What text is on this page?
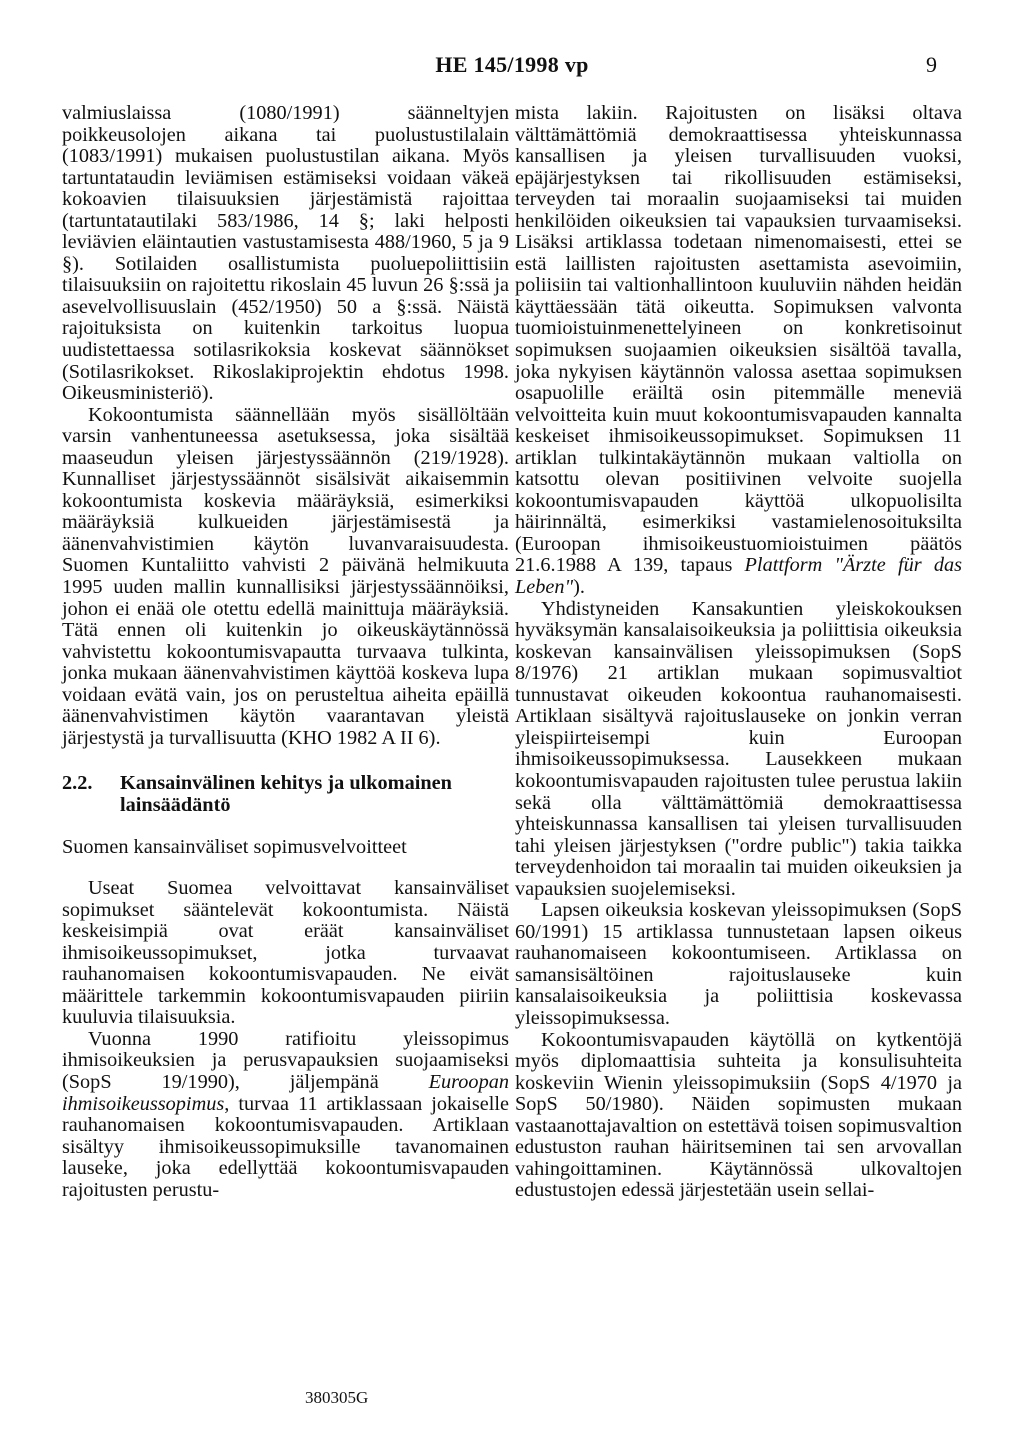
HE 145/1998 vp	9

valmiuslaissa (1080/1991) säänneltyjen poikkeusolojen aikana tai puolustustilalain (1083/1991) mukaisen puolustustilan aikana. Myös tartuntataudin leviämisen estämiseksi voidaan väkeä kokoavien tilaisuuksien järjestämistä rajoittaa (tartuntatautilaki 583/1986, 14 §; laki helposti leviävien eläintautien vastustamisesta 488/1960, 5 ja 9 §). Sotilaiden osallistumista puoluepoliittisiin tilaisuuksiin on rajoitettu rikoslain 45 luvun 26 §:ssä ja asevelvollisuuslain (452/1950) 50 a §:ssä. Näistä rajoituksista on kuitenkin tarkoitus luopua uudistettaessa sotilasrikoksia koskevat säännökset (Sotilasrikokset. Rikoslakiprojektin ehdotus 1998. Oikeusministeriö).

Kokoontumista säännellään myös sisällöltään varsin vanhentuneessa asetuksessa, joka sisältää maaseudun yleisen järjestyssäännön (219/1928). Kunnalliset järjestyssäännöt sisälsivät aikaisemmin kokoontumista koskevia määräyksiä, esimerkiksi määräyksiä kulkueiden järjestämisestä ja äänenvahvistimien käytön luvanvaraisuudesta. Suomen Kuntaliitto vahvisti 2 päivänä helmikuuta 1995 uuden mallin kunnallisiksi järjestyssäännöiksi, johon ei enää ole otettu edellä mainittuja määräyksiä. Tätä ennen oli kuitenkin jo oikeuskäytännössä vahvistettu kokoontumisvapautta turvaava tulkinta, jonka mukaan äänenvahvistimen käyttöä koskeva lupa voidaan evätä vain, jos on perusteltua aiheita epäillä äänenvahvistimen käytön vaarantavan yleistä järjestystä ja turvallisuutta (KHO 1982 A II 6).

2.2.	Kansainvälinen kehitys ja ulkomainen lainsäädäntö
Suomen kansainväliset sopimusvelvoitteet

Useat Suomea velvoittavat kansainväliset sopimukset sääntelevät kokoontumista. Näistä keskeisimpiä ovat eräät kansainväliset ihmisoikeussopimukset, jotka turvaavat rauhanomaisen kokoontumisvapauden. Ne eivät määrittele tarkemmin kokoontumisvapauden piiriin kuuluvia tilaisuuksia.

Vuonna 1990 ratifioitu yleissopimus ihmisoikeuksien ja perusvapauksien suojaamiseksi (SopS 19/1990), jäljempänä Euroopan ihmisoikeussopimus, turvaa 11 artiklassaan jokaiselle rauhanomaisen kokoontumisvapauden. Artiklaan sisältyy ihmisoikeussopimuksille tavanomainen lauseke, joka edellyttää kokoontumisvapauden rajoitusten perustu-

mista lakiin. Rajoitusten on lisäksi oltava välttämättömiä demokraattisessa yhteiskunnassa kansallisen ja yleisen turvallisuuden vuoksi, epäjärjestyksen tai rikollisuuden estämiseksi, terveyden tai moraalin suojaamiseksi tai muiden henkilöiden oikeuksien tai vapauksien turvaamiseksi. Lisäksi artiklassa todetaan nimenomaisesti, ettei se estä laillisten rajoitusten asettamista asevoimiin, poliisiin tai valtionhallintoon kuuluviin nähden heidän käyttäessään tätä oikeutta. Sopimuksen valvonta tuomioistuinmenettelyineen on konkretisoinut sopimuksen suojaamien oikeuksien sisältöä tavalla, joka nykyisen käytännön valossa asettaa sopimuksen osapuolille eräiltä osin pitemmälle meneviä velvoitteita kuin muut kokoontumisvapauden kannalta keskeiset ihmisoikeussopimukset. Sopimuksen 11 artiklan tulkintakäytännön mukaan valtiolla on katsottu olevan positiivinen velvoite suojella kokoontumisvapauden käyttöä ulkopuolisilta häirinnältä, esimerkiksi vastamielenosoituksilta (Euroopan ihmisoikeustuomioistuimen päätös 21.6.1988 A 139, tapaus Plattform "Ärzte für das Leben").

Yhdistyneiden Kansakuntien yleiskokouksen hyväksymän kansalaisoikeuksia ja poliittisia oikeuksia koskevan kansainvälisen yleissopimuksen (SopS 8/1976) 21 artiklan mukaan sopimusvaltiot tunnustavat oikeuden kokoontua rauhanomaisesti. Artiklaan sisältyvä rajoituslauseke on jonkin verran yleispiirteisempi kuin Euroopan ihmisoikeussopimuksessa. Lausekkeen mukaan kokoontumisvapauden rajoitusten tulee perustua lakiin sekä olla välttämättömiä demokraattisessa yhteiskunnassa kansallisen tai yleisen turvallisuuden tahi yleisen järjestyksen ("ordre public") takia taikka terveydenhoidon tai moraalin tai muiden oikeuksien ja vapauksien suojelemiseksi.

Lapsen oikeuksia koskevan yleissopimuksen (SopS 60/1991) 15 artiklassa tunnustetaan lapsen oikeus rauhanomaiseen kokoontumiseen. Artiklassa on samansisältöinen rajoituslauseke kuin kansalaisoikeuksia ja poliittisia koskevassa yleissopimuksessa.

Kokoontumisvapauden käytöllä on kytkentöjä myös diplomaattisia suhteita ja konsulisuhteita koskeviin Wienin yleissopimuksiin (SopS 4/1970 ja SopS 50/1980). Näiden sopimusten mukaan vastaanottajavaltion on estettävä toisen sopimusvaltion edustuston rauhan häiritseminen tai sen arvovallan vahingoittaminen. Käytännössä ulkovaltojen edustustojen edessä järjestetään usein sellai-

380305G
